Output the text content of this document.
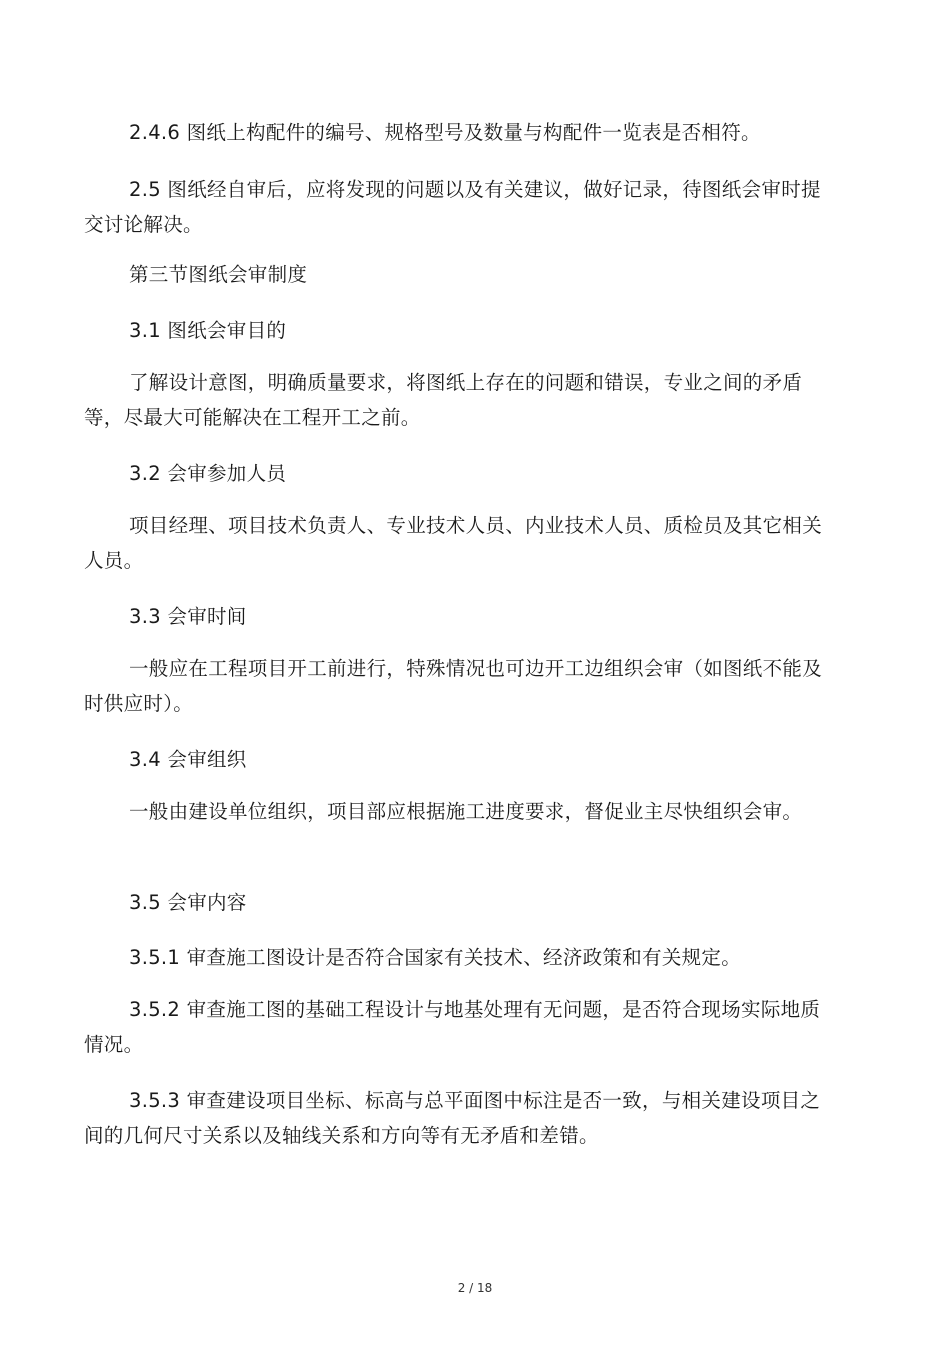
2.4.6 图纸上构配件的编号、规格型号及数量与构配件一览表是否相符。

2.5 图纸经自审后，应将发现的问题以及有关建议，做好记录，待图纸会审时提交讨论解决。

第三节图纸会审制度

3.1 图纸会审目的

了解设计意图，明确质量要求，将图纸上存在的问题和错误，专业之间的矛盾等，尽最大可能解决在工程开工之前。

3.2 会审参加人员

项目经理、项目技术负责人、专业技术人员、内业技术人员、质检员及其它相关人员。

3.3 会审时间

一般应在工程项目开工前进行，特殊情况也可边开工边组织会审（如图纸不能及时供应时）。

3.4 会审组织

一般由建设单位组织，项目部应根据施工进度要求，督促业主尽快组织会审。

3.5 会审内容

3.5.1 审查施工图设计是否符合国家有关技术、经济政策和有关规定。

3.5.2 审查施工图的基础工程设计与地基处理有无问题，是否符合现场实际地质情况。

3.5.3 审查建设项目坐标、标高与总平面图中标注是否一致，与相关建设项目之间的几何尺寸关系以及轴线关系和方向等有无矛盾和差错。

2 / 18
